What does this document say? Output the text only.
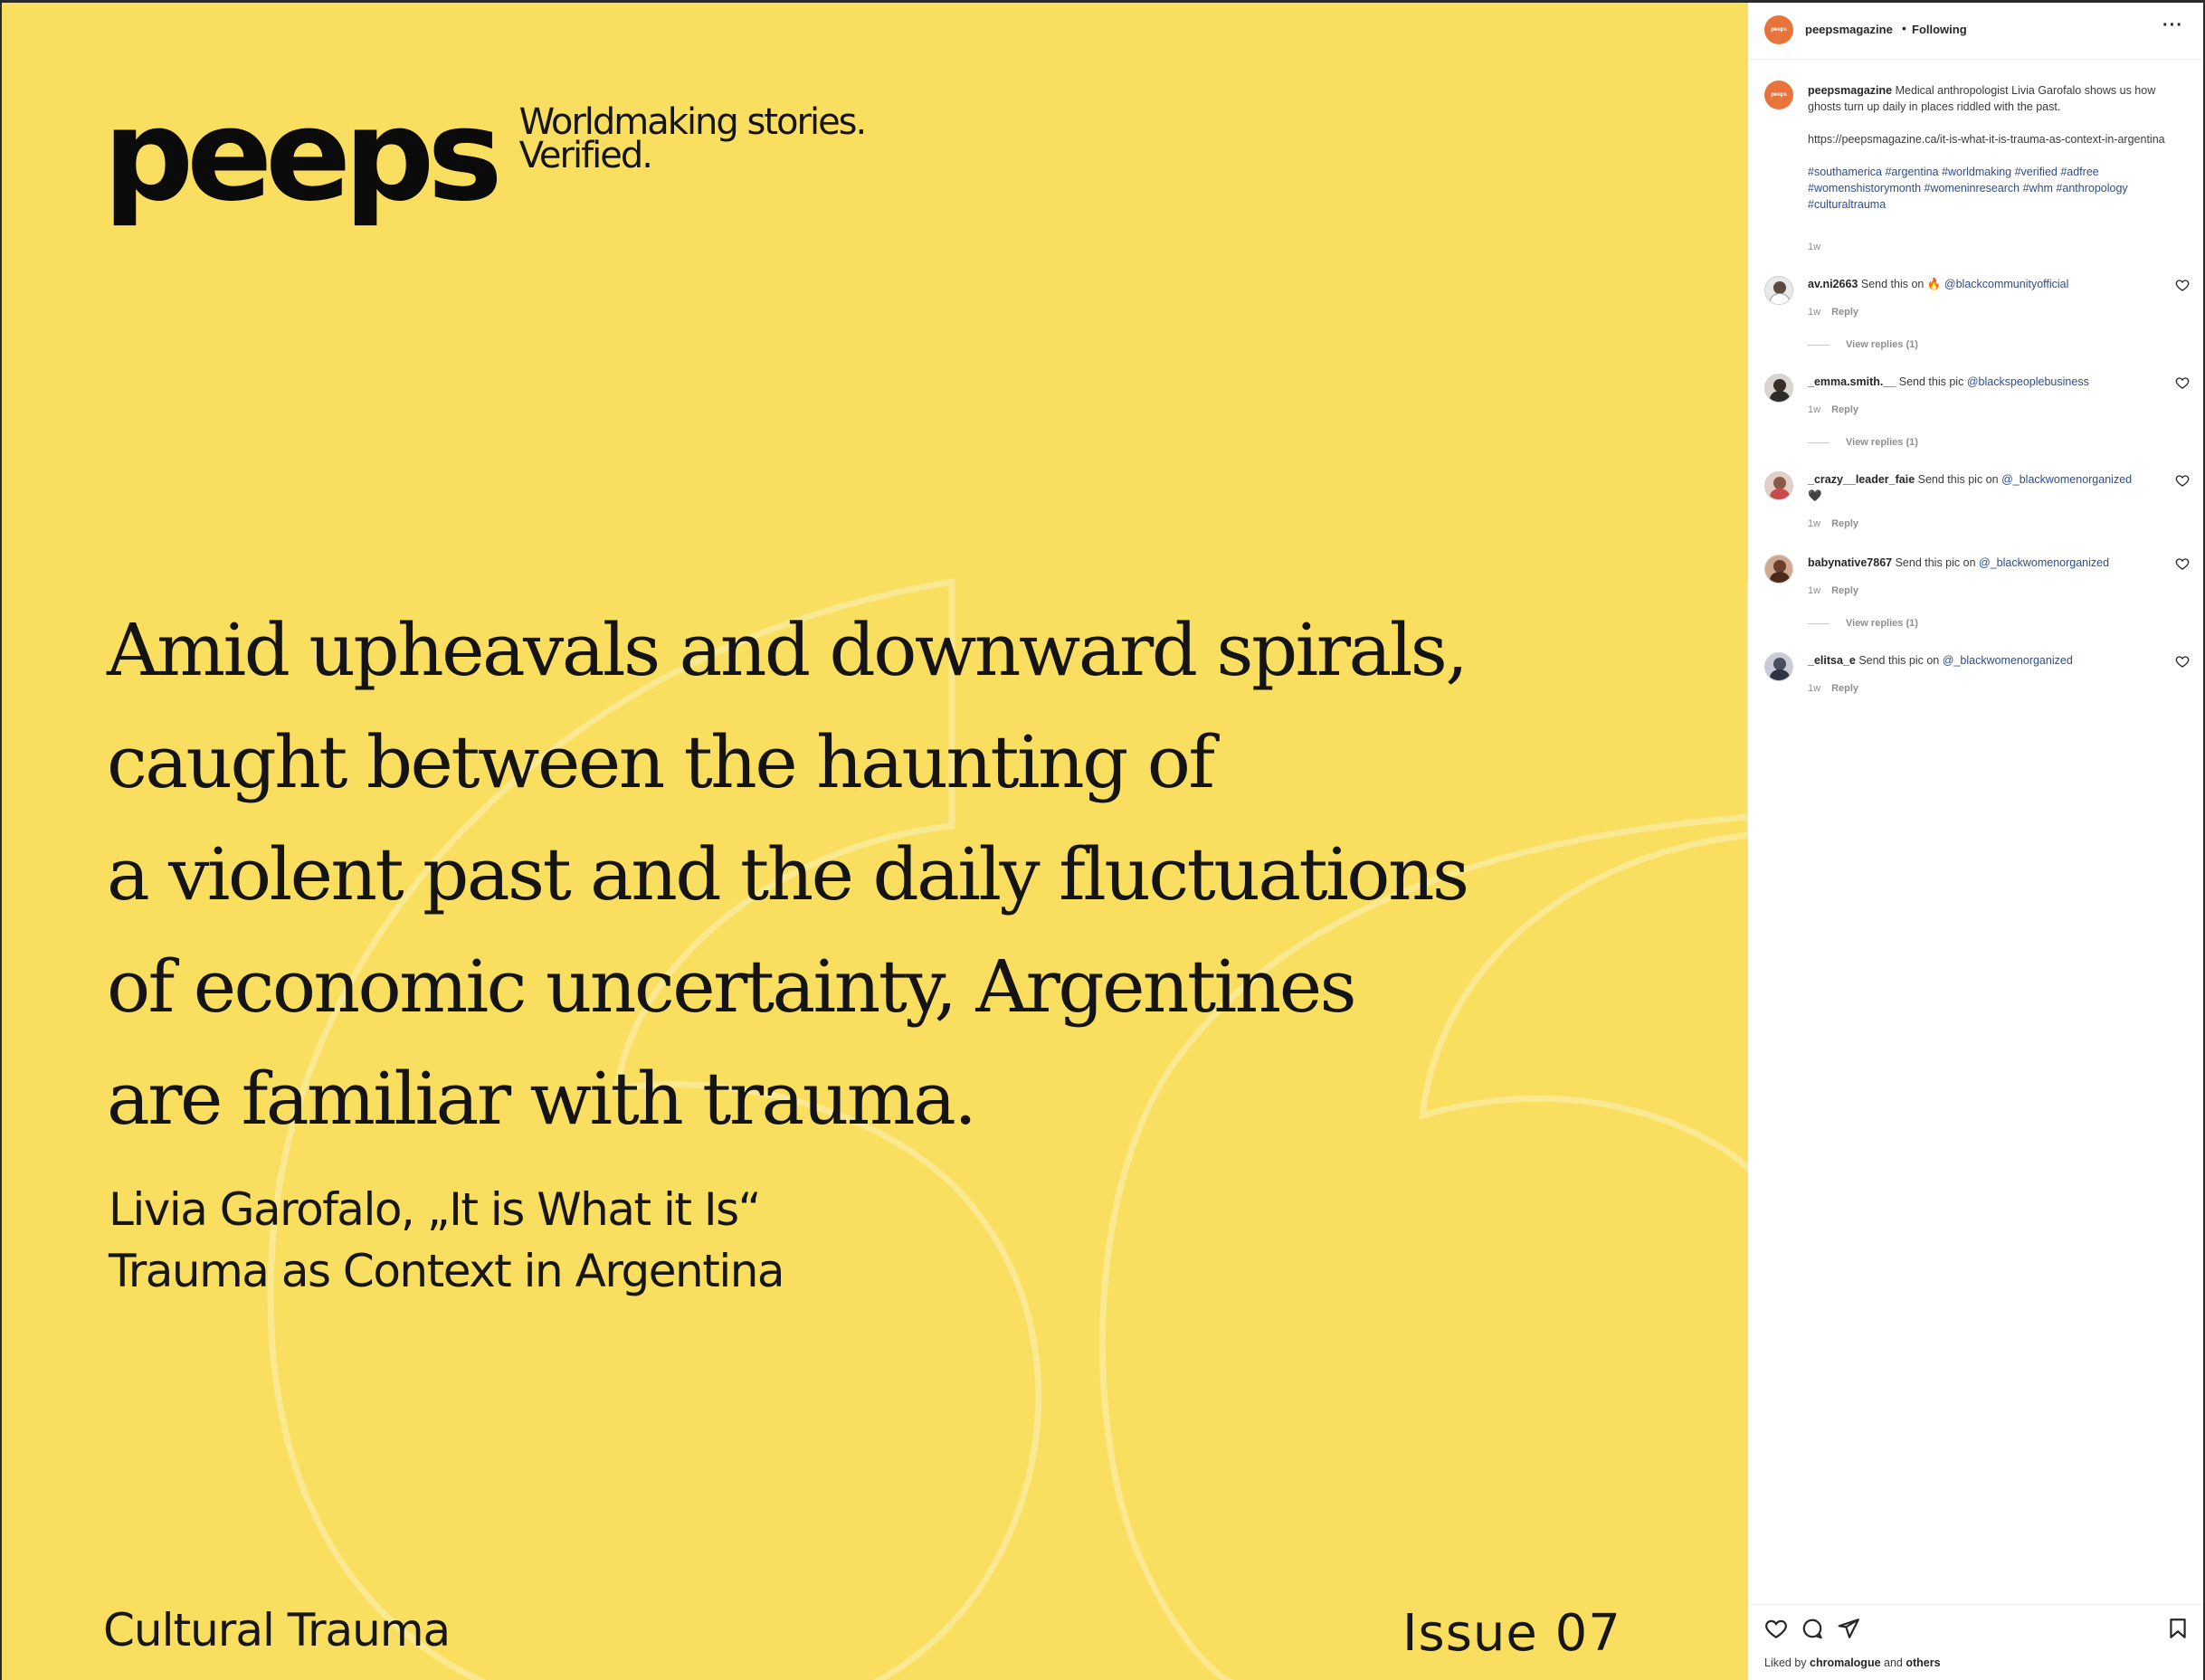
peeps Worldmaking stories.
Verified.
Amid upheavals and downward spirals,
caught between the haunting of
a violent past and the daily fluctuations
of economic uncertainty, Argentines
are familiar with trauma.
Livia Garofalo, „It is What it Is“
Trauma as Context in Argentina
Cultural Trauma	Issue 07
peeps peepsmagazine • Following	···
peeps peepsmagazine Medical anthropologist Livia Garofalo shows us how ghosts turn up daily in places riddled with the past.
https://peepsmagazine.ca/it-is-what-it-is-trauma-as-context-in-argentina
#southamerica #argentina #worldmaking #verified #adfree #womenshistorymonth #womeninresearch #whm #anthropology #culturaltrauma
1w
av.ni2663 Send this on 🔥 @blackcommunityofficial
1w Reply
View replies (1)
_emma.smith.__ Send this pic @blackspeoplebusiness
1w Reply
View replies (1)
_crazy__leader_faie Send this pic on @_blackwomenorganized
🖤
1w Reply
babynative7867 Send this pic on @_blackwomenorganized
1w Reply
View replies (1)
_elitsa_e Send this pic on @_blackwomenorganized
1w Reply
Liked by chromalogue and others
